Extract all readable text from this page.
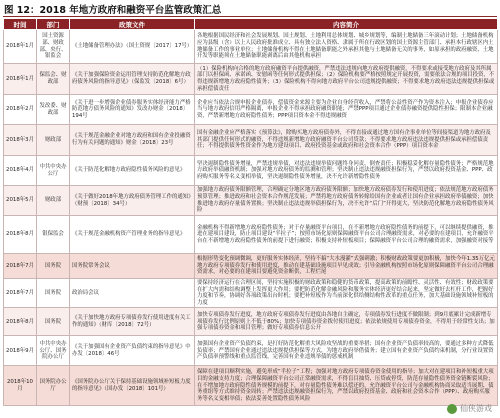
图 12：2018 年地方政府和融资平台监管政策汇总
时间	部门	政策文件	内容简介
2018年1月	国土资源部、财政部、央行、银监会	《土地储备管理办法》（国土资规〔2017〕17号）	各地根据国民经济和社会发展规划、国土规划、土地利用总体规划、城乡规划等，编制土地储备三年滚动计划；土地储备机构应为县级（含）以上人民政府批准成立、具有独立法人资格、隶属于所在行政区划的国土资源主管部门、承担本行政辖区内土地储备工作的事业单位；土地储备机构不得在土地储备职能之外承担其他与土地储备无关的事务，如原承担的政府融资、土地开发等职能须在土地储备职能剥离后由其他机构承担
2018年1月	保监会、财政部	《关于加强保险资金运用管理支持防范化解地方政府债务风险的指导意见》（保监发〔2018〕6号）	（1）保险机构向合格的地方政府融资平台提供融资，严禁违法违规向地方政府提供融资，不得要求或接受地方政府及其所属部门以担保函、承诺函、安慰函等任何形式提供担保；（2）保险机构要严格按照规定开展投资，需要依法合规的项目投资，不得违规新增地方政府隐性债务；（3）保险机构不得向地方政府平台公司违规提供融资；不得要求地方政府违法违规提供担保或承担偿债责任
2018年2月	发改委、财政部	《关于进一步增强企业债券服务实体经济能力严格防范地方债务风险的通知》发改办财金〔2018〕194号	企业应当依法合规申报企业债券，偿债资金来源主要为企业自身经营收入，严禁将公益性资产作为资本注入；申报企业债券应当与地方政府信用严格隔离，申报企业不得承担政府融资职能；严禁PPP项目通过企业债券融资提供隐性担保；限制本企业融资，严禁新增地方政府隐性债务；PPP项目资本金不得违规融资
2018年3月	财政部	《关于规范金融企业对地方政府和国有企业投融资行为有关问题的通知》财金〔2018〕23号	国有金融企业应严格落实《预算法》，除购买地方政府债券外，不得直接或通过地方国有企事业单位等间接渠道为地方政府及其部门提供任何形式的融资，不得违规新增地方政府融资平台公司贷款；不得要求地方政府违法违规提供担保或承担偿债责任；不得提供债务性资金作为地方建设项目、政府投资基金或政府和社会资本合作（PPP）项目资本金
2018年4月	中共中央办公厅	《关于防范化解地方政府隐性债务风险的意见》	坚决遏制隐性债务增量，严禁违规举债，对违法违规举债问题终身问责，倒查责任；积极稳妥化解存量隐性债务；严格规范地方政府举债融资机制；加强对地方政府债务的监测和管理；坚决制止违法违规融资担保行为，严禁以政府投资基金、PPP、政府购买服务等名义变相举债，坚决遏制隐性债务增量，决不允许新增隐性债务
2018年5月	财政部	《关于做好2018年地方政府债务管理工作的通知》（财预〔2018〕34号）	加强地方政府债务限额管理，合理确定分地区地方政府债务限额；加快地方政府债券发行和使用进度；依法规范地方政府债务预算管理；推进政府和社会资本合作规范发展；严禁将地方政府债务转嫁给国有企业或者让国有企业承担政府举债融资；加快推进地方政府存量债务置换；坚决制止违法违规举债担保行为，决不允许“后门”开得更大，坚决防范化解地方政府隐性债务风险
2018年8月	银保监会	《关于规范金融机构资产管理业务的指导意见》	金融机构不得新增地方政府隐性债务；对于存量融资平台项目，在不新增地方政府隐性债务的前提下，可以继续提供融资，推进在建项目建设，防止项目建设“半拉子”；按照市场化原则保障融资平台公司合理融资需求，对必要的在建项目，允许融资平台在不新增地方政府隐性债务的前提下进行融资；积极支持补短板项目；保障融资平台公司合理的融资需求，加强融资对接等
2018年7月	国务院	国务院常务会议	根据形势变化预调微调，更好服务实体经济，坚持不搞“大水漫灌”式强刺激；积极财政政策要更加积极，加快今年1.35万亿元地方政府专项债券发行和使用进度，推动在建基础设施项目早见成效；引导金融机构按照市场化原则保障融资平台公司合理融资需求，对必要的在建项目要避免资金断供，工程烂尾
2018年7月	国务院	政治局会议	要保持经济运行在合理区间，坚持实施积极的财政政策和稳健的货币政策，提高政策的前瞻性、灵活性、有效性；财政政策要在扩大内需和结构调整上发挥更大作用；要把防范化解金融风险和服务实体经济更好结合起来，坚定做好去杠杆工作，把握好力度和节奏，协调好各项政策出台时机；要把补短板作为当前深化供给侧结构性改革的重点任务，加大基础设施领域补短板的力度
2018年8月	国务院	《关于加快地方政府专项债券发行使用进度有关工作的通知》（财库〔2018〕72号）	加快专项债券发行进度，地方政府专项债券发行进度由各地自主确定，专项债券发行进度不做限制；到9月底累计完成新增专项债券发行比例原则上不低于80%；加快专项债券资金拨付使用进度；依法依规使用专项债券资金，不得用于经常性支出；加强专项债券资金和项目管理；做好专项债券信息公开
2018年9月	中共中央办公厅、国务院办公厅	《关于加强国有企业资产负债约束的指导意见》中办发〔2018〕46号	加强国有企业资产负债约束，是打好防范化解重大风险攻坚战的重要举措；国有企业资产负债率较高的，要通过多种方式降低负债率；严禁国有企业通过违法违规提供担保等方式，为地方政府举借债务；建立国有企业资产负债约束机制，分行业设置资产负债率预警线和重点监管线，完善国有企业违规举债的惩戒机制
2018年10月	国务院办公厅	《国务院办公厅关于保持基础设施领域补短板力度的指导意见》（国办发〔2018〕101号）	保障在建项目顺利实施，避免形成“半拉子”工程；加强对地方政府专项债券资金使用的指导；加大对在建项目和补短板重大项目的金融支持力度；合理保障融资平台公司正常融资需求，不得盲目抽贷、压贷或停贷，防范存量隐性债务资金链断裂风险；在不增加地方政府隐性债务规模的前提下，对存量隐性债务难以偿还的，允许融资平台公司与金融机构协商采取适当展期、债务重组等方式维持资金周转；严禁违法违规融资担保行为，严禁以政府投资基金、政府和社会资本合作（PPP）、政府购买服务等名义变相举债；依法妥善处置隐性债务风险
仙侠游戏
